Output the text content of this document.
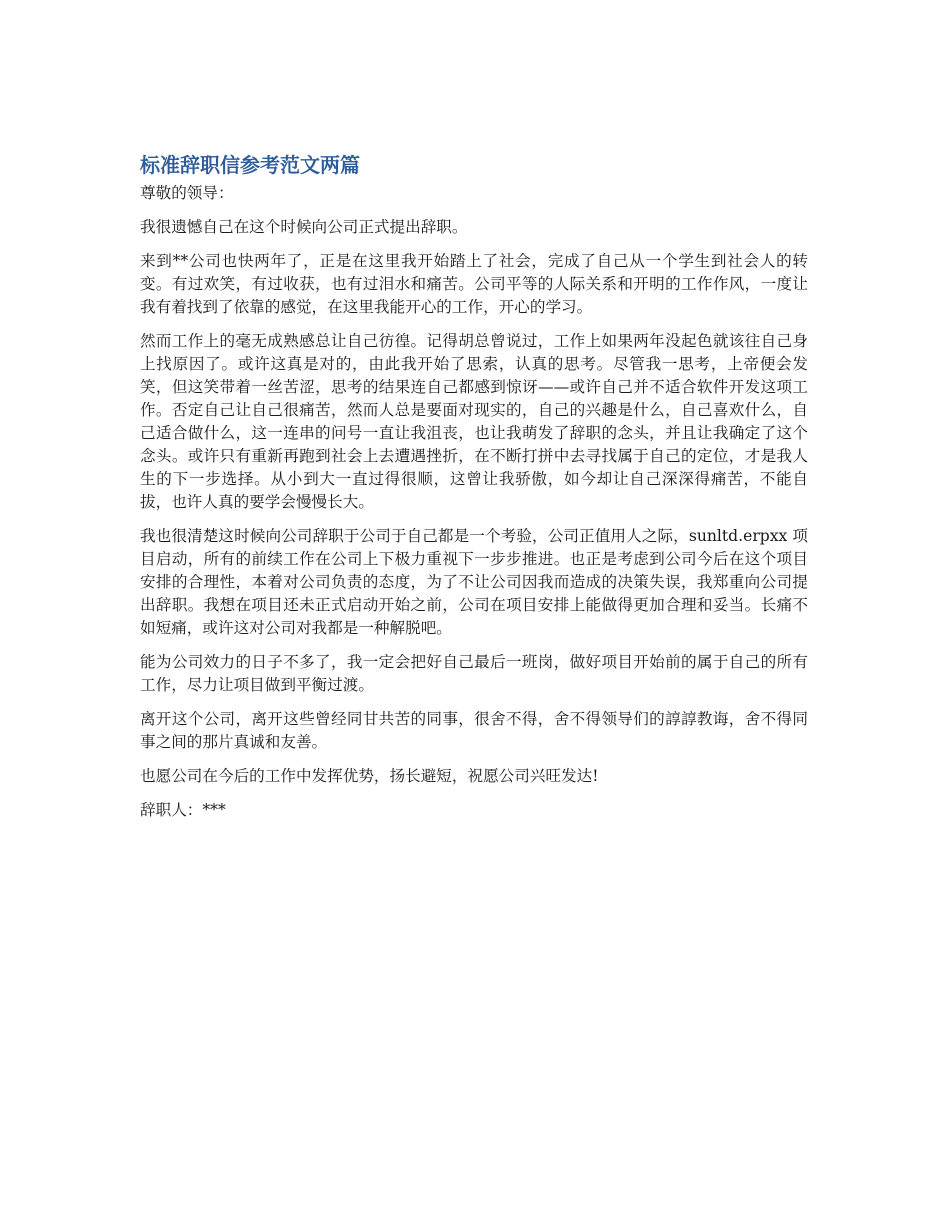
标准辞职信参考范文两篇

尊敬的领导：

我很遗憾自己在这个时候向公司正式提出辞职。

来到**公司也快两年了，正是在这里我开始踏上了社会，完成了自己从一个学生到社会人的转变。有过欢笑，有过收获，也有过泪水和痛苦。公司平等的人际关系和开明的工作作风，一度让我有着找到了依靠的感觉，在这里我能开心的工作，开心的学习。

然而工作上的毫无成熟感总让自己彷徨。记得胡总曾说过，工作上如果两年没起色就该往自己身上找原因了。或许这真是对的，由此我开始了思索，认真的思考。尽管我一思考，上帝便会发笑，但这笑带着一丝苦涩，思考的结果连自己都感到惊讶——或许自己并不适合软件开发这项工作。否定自己让自己很痛苦，然而人总是要面对现实的，自己的兴趣是什么，自己喜欢什么，自己适合做什么，这一连串的问号一直让我沮丧，也让我萌发了辞职的念头，并且让我确定了这个念头。或许只有重新再跑到社会上去遭遇挫折，在不断打拼中去寻找属于自己的定位，才是我人生的下一步选择。从小到大一直过得很顺，这曾让我骄傲，如今却让自己深深得痛苦，不能自拔，也许人真的要学会慢慢长大。

我也很清楚这时候向公司辞职于公司于自己都是一个考验，公司正值用人之际，sunltd.erpxx 项目启动，所有的前续工作在公司上下极力重视下一步步推进。也正是考虑到公司今后在这个项目安排的合理性，本着对公司负责的态度，为了不让公司因我而造成的决策失误，我郑重向公司提出辞职。我想在项目还未正式启动开始之前，公司在项目安排上能做得更加合理和妥当。长痛不如短痛，或许这对公司对我都是一种解脱吧。

能为公司效力的日子不多了，我一定会把好自己最后一班岗，做好项目开始前的属于自己的所有工作，尽力让项目做到平衡过渡。

离开这个公司，离开这些曾经同甘共苦的同事，很舍不得，舍不得领导们的諄諄教诲，舍不得同事之间的那片真诚和友善。

也愿公司在今后的工作中发挥优势，扬长避短，祝愿公司兴旺发达!

辞职人：***
